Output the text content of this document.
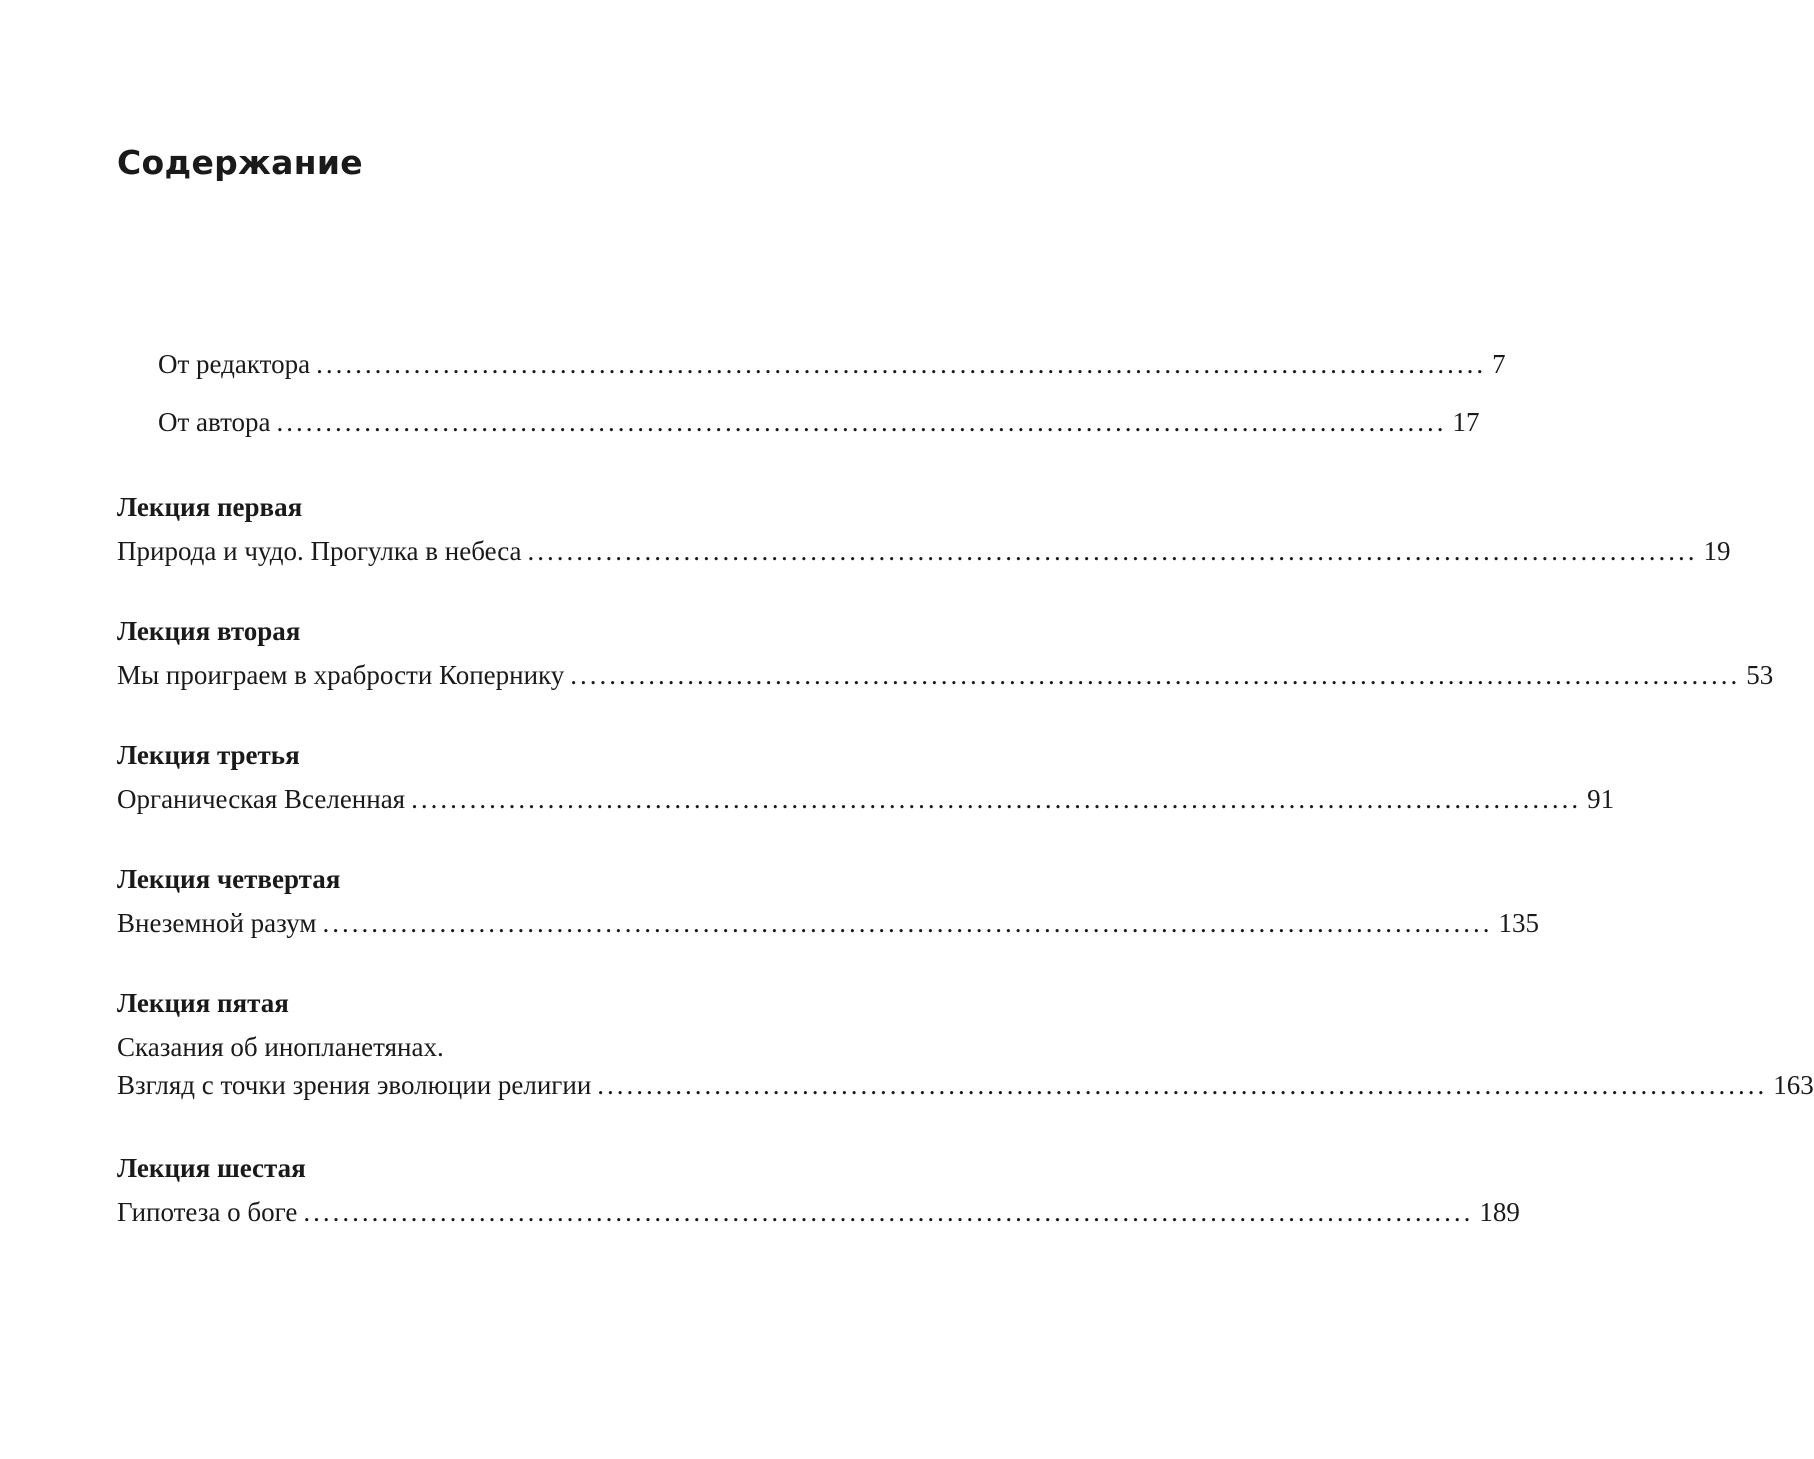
Содержание
От редактора ........................................................................................................................ 7
От автора ........................................................................................................................ 17
Лекция первая
Природа и чудо. Прогулка в небеса ........................................................................................................................ 19
Лекция вторая
Мы проиграем в храбрости Копернику ........................................................................................................................ 53
Лекция третья
Органическая Вселенная ........................................................................................................................ 91
Лекция четвертая
Внеземной разум ........................................................................................................................ 135
Лекция пятая
Сказания об инопланетянах.
Взгляд с точки зрения эволюции религии ........................................................................................................................ 163
Лекция шестая
Гипотеза о боге ........................................................................................................................ 189
